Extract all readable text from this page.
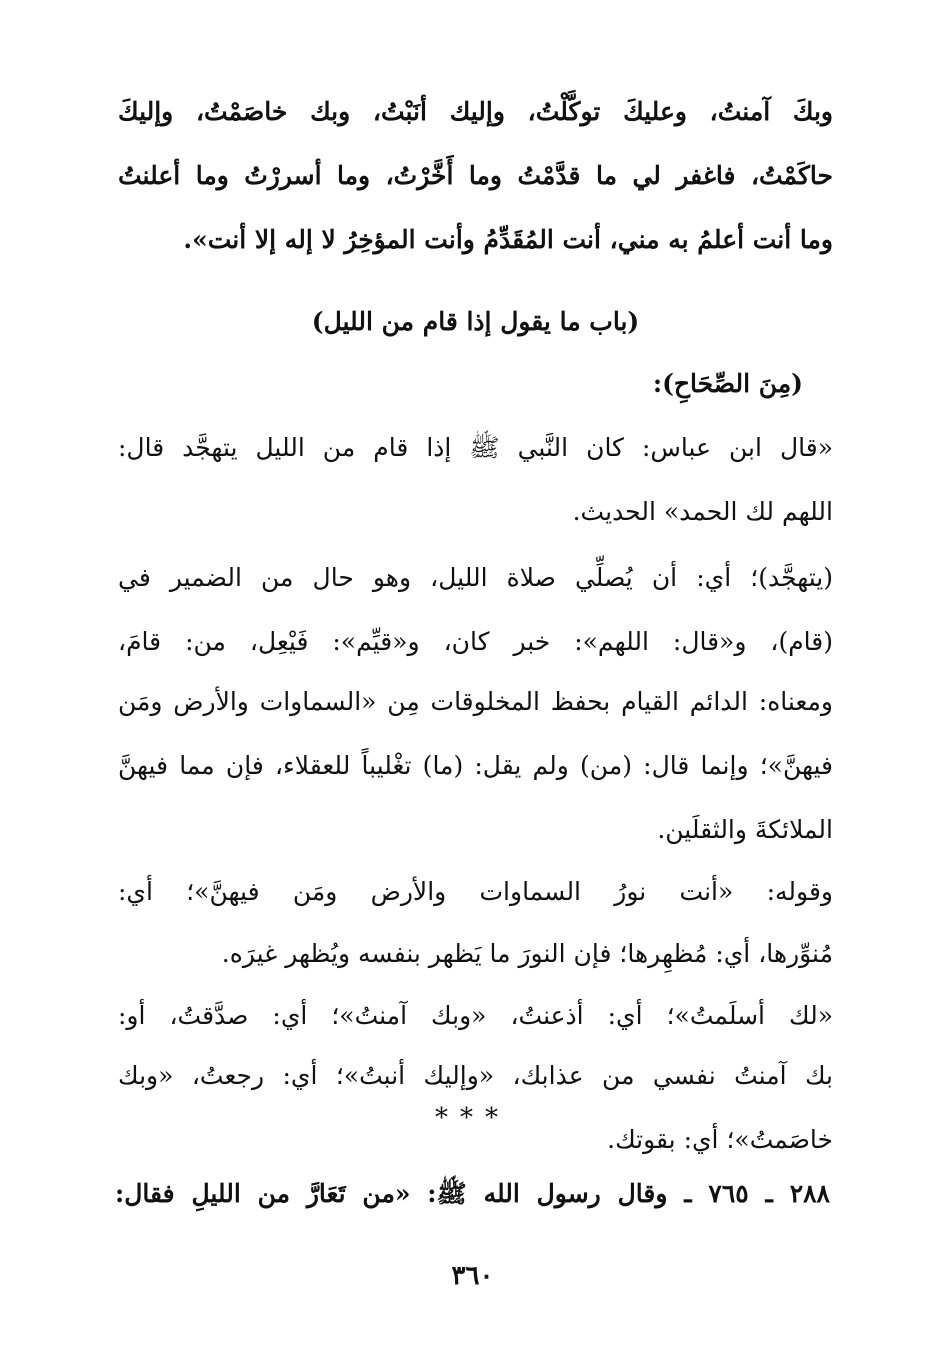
وبكَ آمنتُ، وعليكَ توكَّلْتُ، وإليك أنَبْتُ، وبك خاصَمْتُ، وإليكَ
حاكَمْتُ، فاغفر لي ما قدَّمْتُ وما أَخَّرْتُ، وما أسررْتُ وما أعلنتُ
وما أنت أعلمُ به مني، أنت المُقَدِّمُ وأنت المؤخِرُ لا إله إلا أنت».
(باب ما يقول إذا قام من الليل)
(مِنَ الصِّحَاحِ):
«قال ابن عباس: كان النَّبي ﷺ إذا قام من الليل يتهجَّد قال:
اللهم لك الحمد» الحديث.
(يتهجَّد)؛ أي: أن يُصلِّي صلاة الليل، وهو حال من الضمير في
(قام)، و«قال: اللهم»: خبر كان، و«قيِّم»: فَيْعِل، من: قامَ،
ومعناه: الدائم القيام بحفظ المخلوقات مِن «السماوات والأرض ومَن
فيهنَّ»؛ وإنما قال: (من) ولم يقل: (ما) تغْليباً للعقلاء، فإن مما فيهنَّ
الملائكةَ والثقلَين.
وقوله: «أنت نورُ السماوات والأرض ومَن فيهنَّ»؛ أي:
مُنوِّرها، أي: مُظهِرها؛ فإن النورَ ما يَظهر بنفسه ويُظهر غيرَه.
«لك أسلَمتُ»؛ أي: أذعنتُ، «وبك آمنتُ»؛ أي: صدَّقتُ، أو:
بك آمنتُ نفسي من عذابك، «وإليك أنبتُ»؛ أي: رجعتُ، «وبك
خاصَمتُ»؛ أي: بقوتك.
***
٢٨٨ ـ ٧٦٥ ـ وقال رسول الله ﷺ: «من تَعَارَّ من الليلِ فقال:
٣٦٠
